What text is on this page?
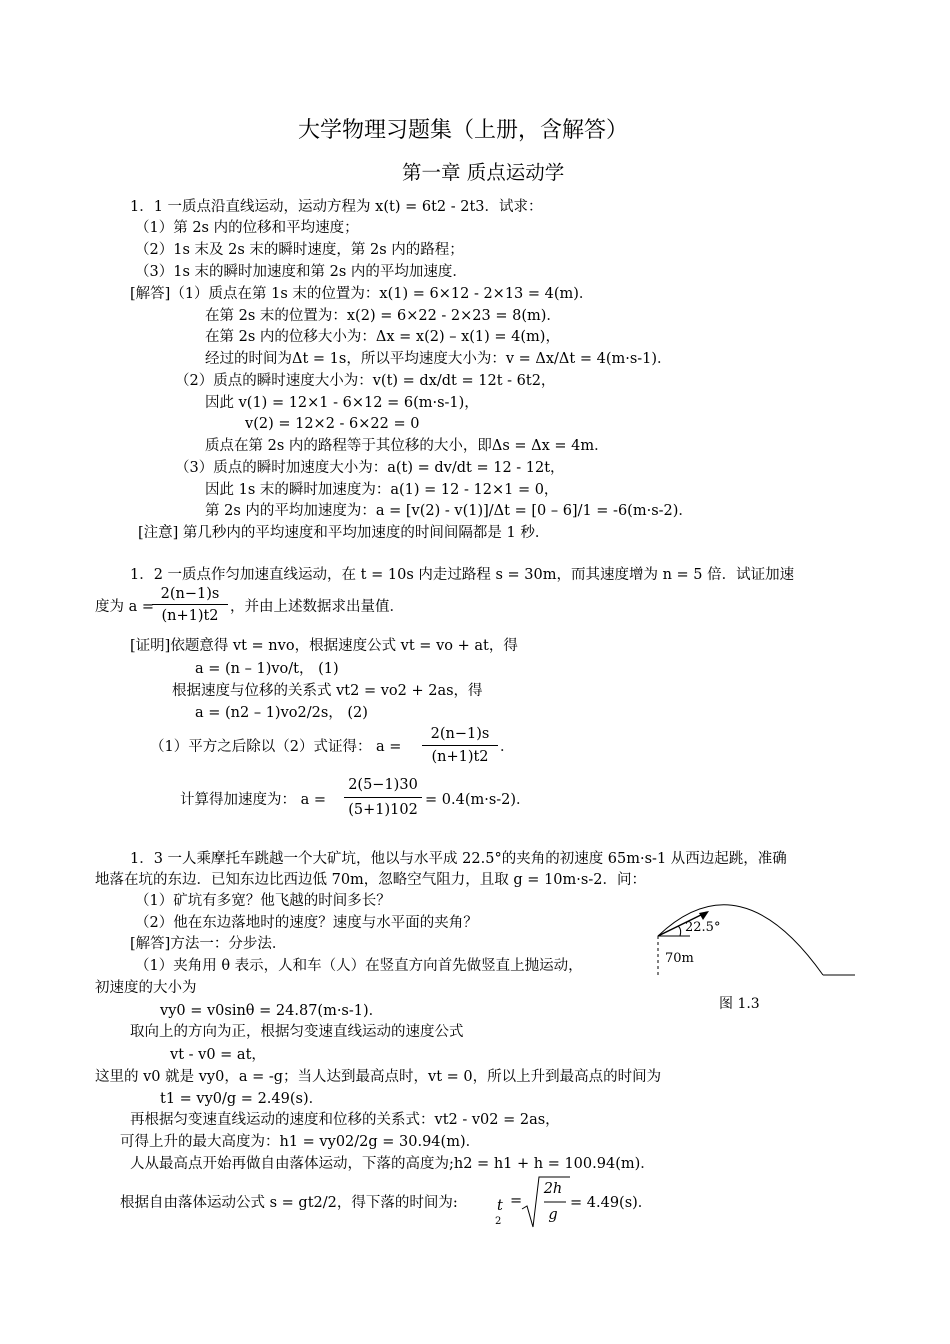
大学物理习题集（上册，含解答）
第一章 质点运动学
1．1 一质点沿直线运动，运动方程为 x(t) = 6t2 - 2t3．试求：
（1）第 2s 内的位移和平均速度；
（2）1s 末及 2s 末的瞬时速度，第 2s 内的路程；
（3）1s 末的瞬时加速度和第 2s 内的平均加速度．
[解答]（1）质点在第 1s 末的位置为：x(1) = 6×12 - 2×13 = 4(m)．
在第 2s 末的位置为：x(2) = 6×22 - 2×23 = 8(m)．
在第 2s 内的位移大小为：Δx = x(2) – x(1) = 4(m)，
经过的时间为Δt = 1s，所以平均速度大小为：v = Δx/Δt = 4(m·s-1)．
（2）质点的瞬时速度大小为：v(t) = dx/dt = 12t - 6t2，
因此 v(1) = 12×1 - 6×12 = 6(m·s-1)，
v(2) = 12×2 - 6×22 = 0
质点在第 2s 内的路程等于其位移的大小，即Δs = Δx = 4m．
（3）质点的瞬时加速度大小为：a(t) = dv/dt = 12 - 12t，
因此 1s 末的瞬时加速度为：a(1) = 12 - 12×1 = 0，
第 2s 内的平均加速度为：a = [v(2) - v(1)]/Δt = [0 – 6]/1 = -6(m·s-2)．
[注意] 第几秒内的平均速度和平均加速度的时间间隔都是 1 秒．
1．2 一质点作匀加速直线运动，在 t = 10s 内走过路程 s = 30m，而其速度增为 n = 5 倍．试证加速
度为 a =
2(n−1)s
(n+1)t2
，并由上述数据求出量值．
[证明]依题意得 vt = nvo，根据速度公式 vt = vo + at，得
a = (n – 1)vo/t， (1)
根据速度与位移的关系式 vt2 = vo2 + 2as，得
a = (n2 – 1)vo2/2s， (2)
（1）平方之后除以（2）式证得： a =
2(n−1)s
(n+1)t2
．
计算得加速度为： a =
2(5−1)30
(5+1)102
= 0.4(m·s-2)．
1．3 一人乘摩托车跳越一个大矿坑，他以与水平成 22.5°的夹角的初速度 65m·s-1 从西边起跳，准确
地落在坑的东边．已知东边比西边低 70m，忽略空气阻力，且取 g = 10m·s-2．问：
（1）矿坑有多宽？他飞越的时间多长？
（2）他在东边落地时的速度？速度与水平面的夹角？
[解答]方法一：分步法．
（1）夹角用 θ 表示，人和车（人）在竖直方向首先做竖直上抛运动，
初速度的大小为
vy0 = v0sinθ = 24.87(m·s-1)．
取向上的方向为正，根据匀变速直线运动的速度公式
vt - v0 = at，
这里的 v0 就是 vy0，a = -g；当人达到最高点时，vt = 0，所以上升到最高点的时间为
t1 = vy0/g = 2.49(s)．
再根据匀变速直线运动的速度和位移的关系式：vt2 - v02 = 2as，
可得上升的最大高度为：h1 = vy02/2g = 30.94(m)．
人从最高点开始再做自由落体运动，下落的高度为;h2 = h1 + h = 100.94(m)．
根据自由落体运动公式 s = gt2/2，得下落的时间为:	t
2
=
2h
g
= 4.49(s)．
22.5°
70m
图 1.3
